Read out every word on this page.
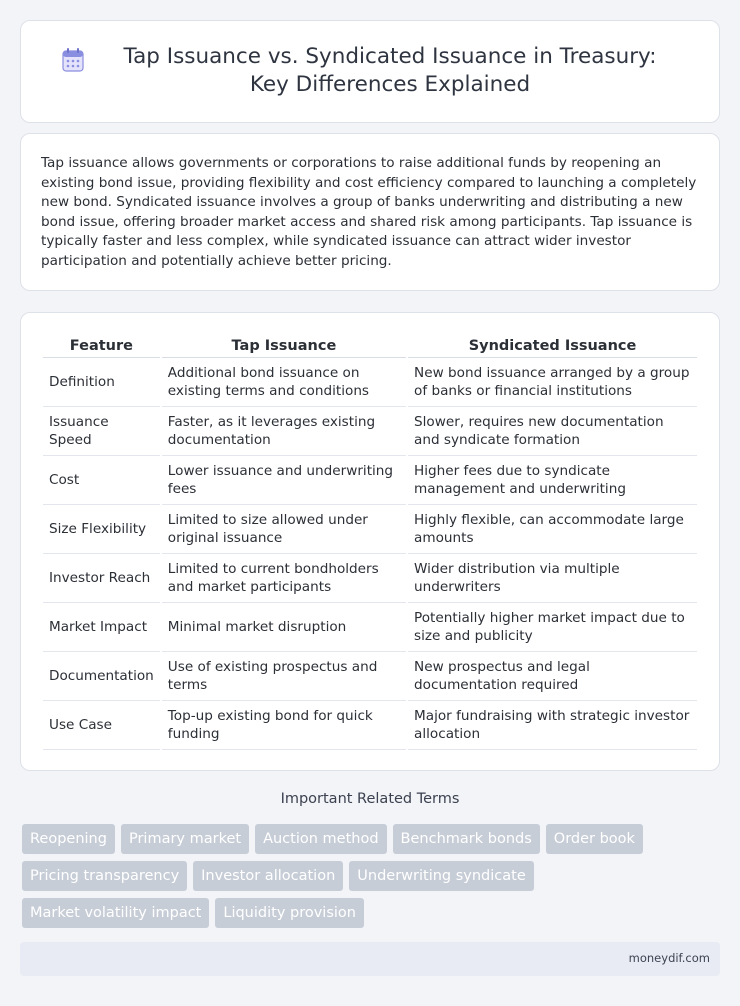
Tap Issuance vs. Syndicated Issuance in Treasury: Key Differences Explained

Tap issuance allows governments or corporations to raise additional funds by reopening an existing bond issue, providing flexibility and cost efficiency compared to launching a completely new bond. Syndicated issuance involves a group of banks underwriting and distributing a new bond issue, offering broader market access and shared risk among participants. Tap issuance is typically faster and less complex, while syndicated issuance can attract wider investor participation and potentially achieve better pricing.

Feature	Tap Issuance	Syndicated Issuance
Definition	Additional bond issuance on existing terms and conditions	New bond issuance arranged by a group of banks or financial institutions
Issuance Speed	Faster, as it leverages existing documentation	Slower, requires new documentation and syndicate formation
Cost	Lower issuance and underwriting fees	Higher fees due to syndicate management and underwriting
Size Flexibility	Limited to size allowed under original issuance	Highly flexible, can accommodate large amounts
Investor Reach	Limited to current bondholders and market participants	Wider distribution via multiple underwriters
Market Impact	Minimal market disruption	Potentially higher market impact due to size and publicity
Documentation	Use of existing prospectus and terms	New prospectus and legal documentation required
Use Case	Top-up existing bond for quick funding	Major fundraising with strategic investor allocation
Important Related Terms
Reopening	Primary market	Auction method	Benchmark bonds	Order book
Pricing transparency	Investor allocation	Underwriting syndicate
Market volatility impact	Liquidity provision
moneydif.com
